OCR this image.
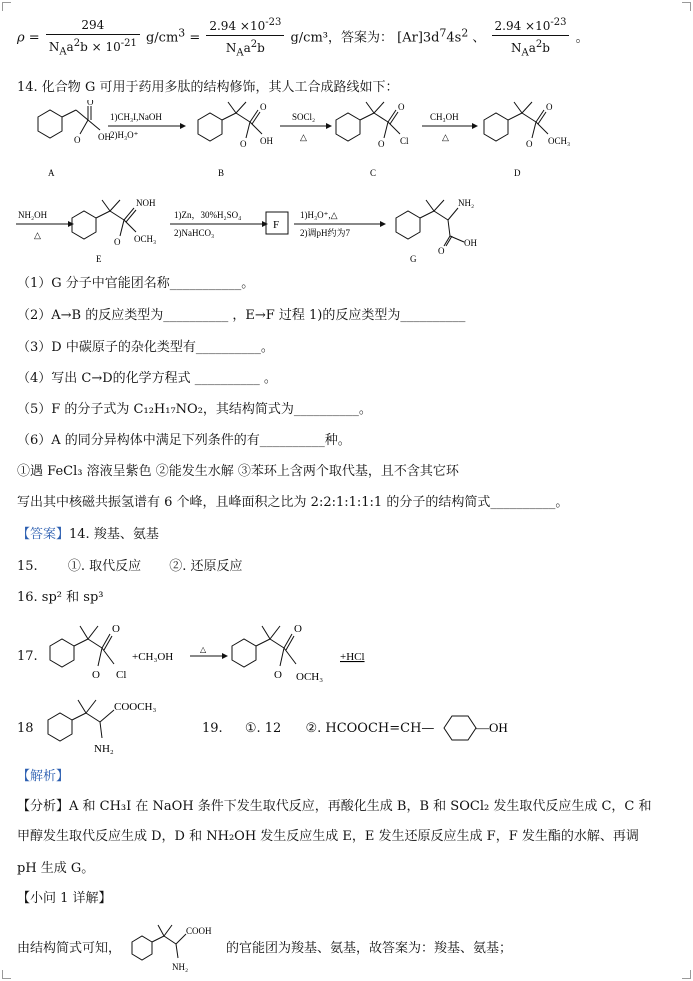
$\rho = \frac{294}{N_Aa^2b \times 10^{-21}} g/cm^3 = \frac{2.94 \times 10^{-23}}{N_Aa^2b} g/cm^3$，答案为： $[Ar]3d^74s^2$ 、 $\frac{2.94 \times 10^{-23}}{N_Aa^2b}$ 。
14. 化合物 G 可用于药用多肽的结构修饰，其人工合成路线如下：
1)CH₃I,NaOH
2)H₃O⁺
SOCl₂
△
CH₃OH
△
NH₂OH
△
1)Zn，30%H₂SO₄
2)NaHCO₃
1)H₃O⁺,△
2)调pH约为7
O
O OH
O
O OH
O
O Cl
O
O OCH₃
NOH
O OCH₃
NH₂
O
OH
F
A	B	C	D
E	G
（1）G 分子中官能团名称___________。
（2）A→B 的反应类型为__________ ，E→F 过程 1)的反应类型为__________
（3）D 中碳原子的杂化类型有__________。
（4）写出 C→D的化学方程式 __________ 。
（5）F 的分子式为 C₁₂H₁₇NO₂，其结构简式为__________。
（6）A 的同分异构体中满足下列条件的有__________种。
①遇 FeCl₃ 溶液呈紫色 ②能发生水解 ③苯环上含两个取代基，且不含其它环
写出其中核磁共振氢谱有 6 个峰，且峰面积之比为 2:2:1:1:1:1 的分子的结构简式__________。
【答案】14. 羧基、氨基
15. ①. 取代反应 ②. 还原反应
16. sp² 和 sp³
17.
O
O Cl
+CH₃OH
△
O
O OCH₃
+HCl
18
COOCH₃
NH₂
19. ①. 12 ②. HCOOCH=CH—	—OH
【解析】
【分析】A 和 CH₃I 在 NaOH 条件下发生取代反应，再酸化生成 B，B 和 SOCl₂ 发生取代反应生成 C，C 和
甲醇发生取代反应生成 D，D 和 NH₂OH 发生反应生成 E，E 发生还原反应生成 F，F 发生酯的水解、再调
pH 生成 G。
【小问 1 详解】
由结构简式可知，
COOH
NH₂
的官能团为羧基、氨基，故答案为：羧基、氨基；
